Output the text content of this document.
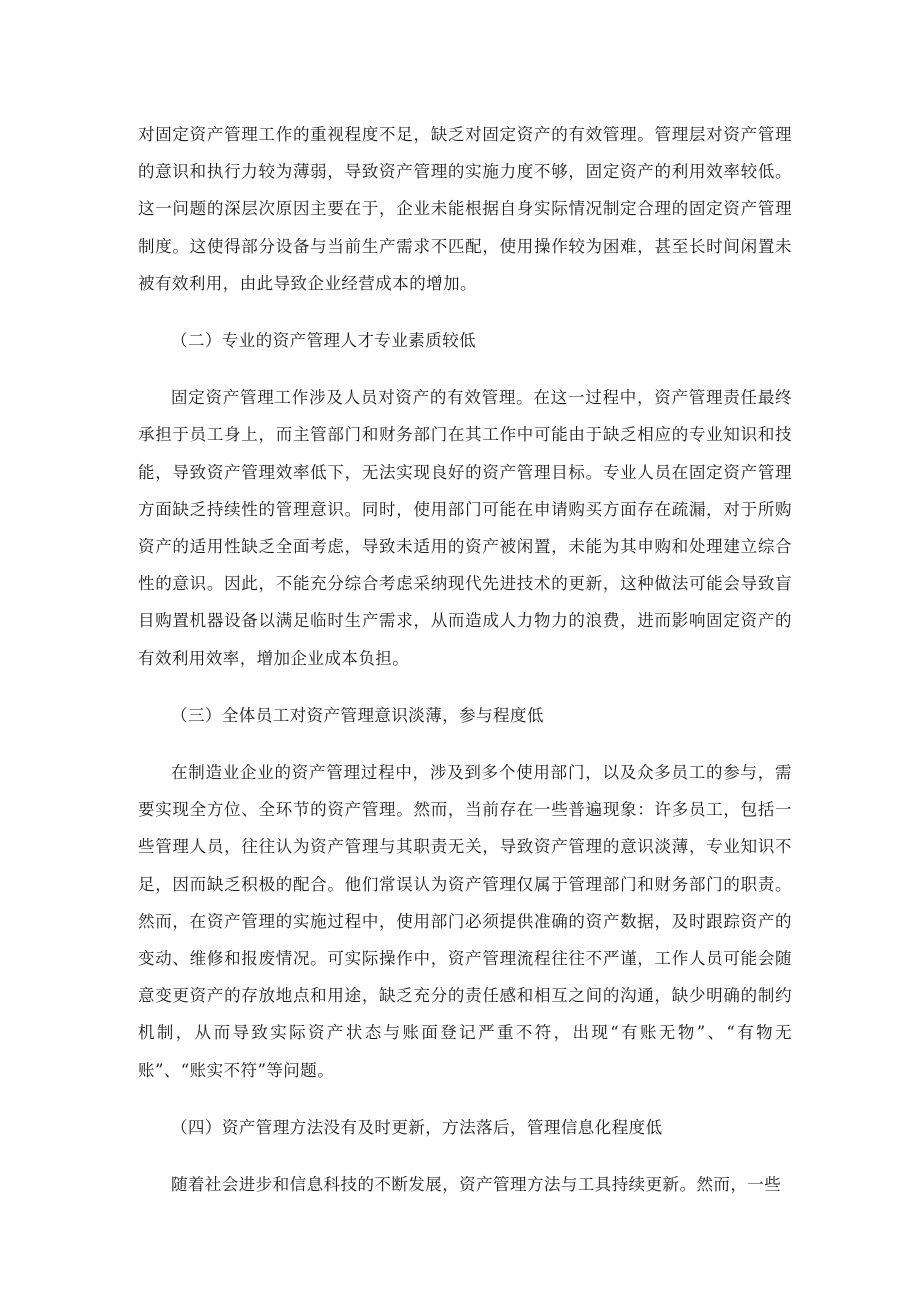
对固定资产管理工作的重视程度不足，缺乏对固定资产的有效管理。管理层对资产管理的意识和执行力较为薄弱，导致资产管理的实施力度不够，固定资产的利用效率较低。这一问题的深层次原因主要在于，企业未能根据自身实际情况制定合理的固定资产管理制度。这使得部分设备与当前生产需求不匹配，使用操作较为困难，甚至长时间闲置未被有效利用，由此导致企业经营成本的增加。

（二）专业的资产管理人才专业素质较低

固定资产管理工作涉及人员对资产的有效管理。在这一过程中，资产管理责任最终承担于员工身上，而主管部门和财务部门在其工作中可能由于缺乏相应的专业知识和技能，导致资产管理效率低下，无法实现良好的资产管理目标。专业人员在固定资产管理方面缺乏持续性的管理意识。同时，使用部门可能在申请购买方面存在疏漏，对于所购资产的适用性缺乏全面考虑，导致未适用的资产被闲置，未能为其申购和处理建立综合性的意识。因此，不能充分综合考虑采纳现代先进技术的更新，这种做法可能会导致盲目购置机器设备以满足临时生产需求，从而造成人力物力的浪费，进而影响固定资产的有效利用效率，增加企业成本负担。

（三）全体员工对资产管理意识淡薄，参与程度低

在制造业企业的资产管理过程中，涉及到多个使用部门，以及众多员工的参与，需要实现全方位、全环节的资产管理。然而，当前存在一些普遍现象：许多员工，包括一些管理人员，往往认为资产管理与其职责无关，导致资产管理的意识淡薄，专业知识不足，因而缺乏积极的配合。他们常误认为资产管理仅属于管理部门和财务部门的职责。然而，在资产管理的实施过程中，使用部门必须提供准确的资产数据，及时跟踪资产的变动、维修和报废情况。可实际操作中，资产管理流程往往不严谨，工作人员可能会随意变更资产的存放地点和用途，缺乏充分的责任感和相互之间的沟通，缺少明确的制约机制，从而导致实际资产状态与账面登记严重不符，出现“有账无物”、“有物无账”、“账实不符”等问题。

（四）资产管理方法没有及时更新，方法落后，管理信息化程度低

随着社会进步和信息科技的不断发展，资产管理方法与工具持续更新。然而，一些
